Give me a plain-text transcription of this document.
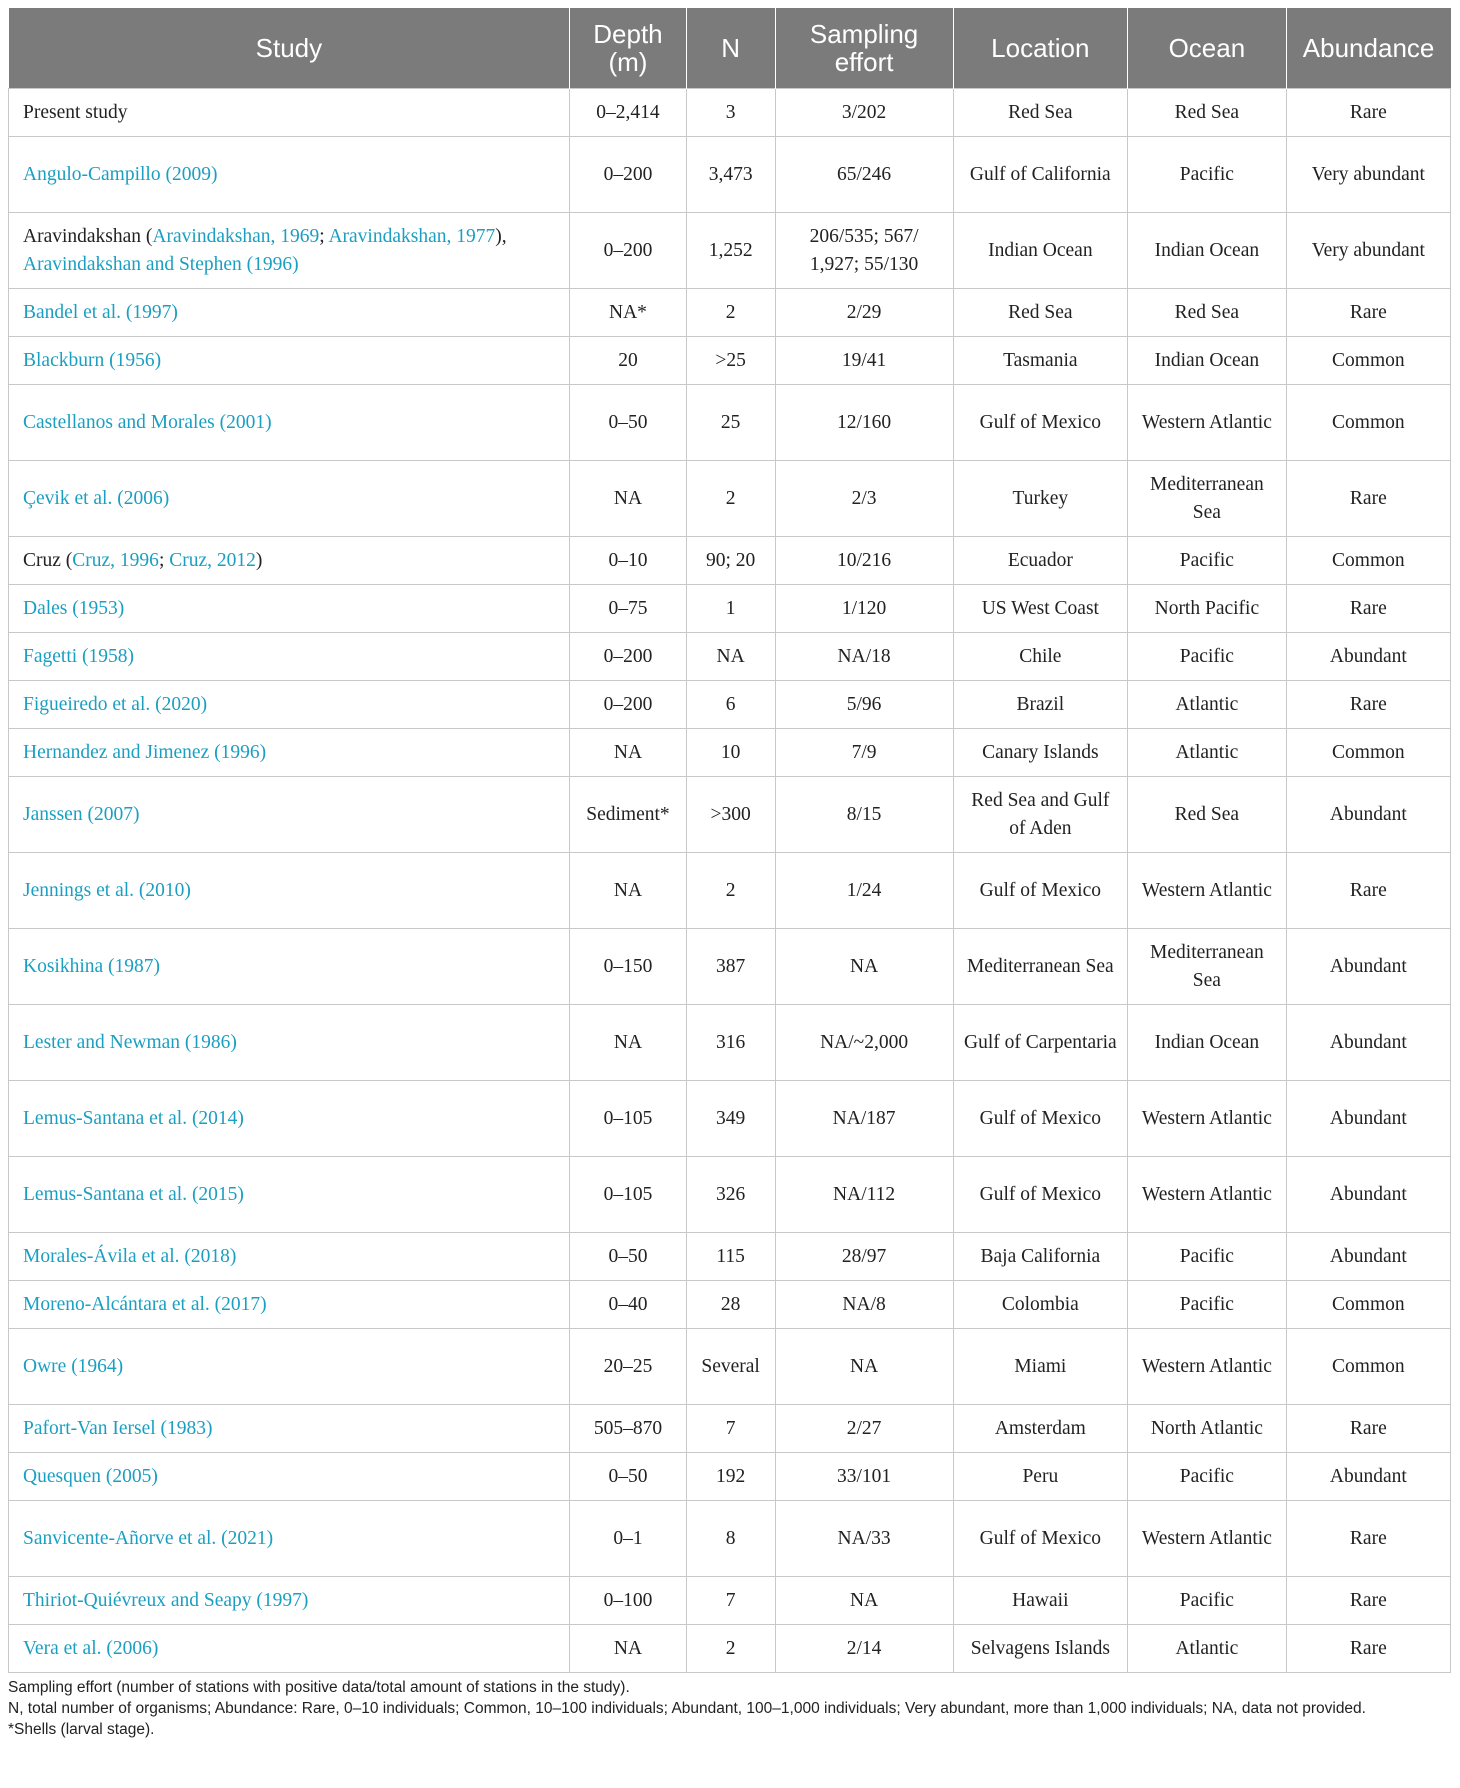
Study	Depth (m)	N	Sampling effort	Location	Ocean	Abundance
Present study	0–2,414	3	3/202	Red Sea	Red Sea	Rare
Angulo-Campillo (2009)	0–200	3,473	65/246	Gulf of California	Pacific	Very abundant
Aravindakshan (Aravindakshan, 1969; Aravindakshan, 1977), Aravindakshan and Stephen (1996)	0–200	1,252	206/535; 567/ 1,927; 55/130	Indian Ocean	Indian Ocean	Very abundant
Bandel et al. (1997)	NA*	2	2/29	Red Sea	Red Sea	Rare
Blackburn (1956)	20	>25	19/41	Tasmania	Indian Ocean	Common
Castellanos and Morales (2001)	0–50	25	12/160	Gulf of Mexico	Western Atlantic	Common
Çevik et al. (2006)	NA	2	2/3	Turkey	Mediterranean Sea	Rare
Cruz (Cruz, 1996; Cruz, 2012)	0–10	90; 20	10/216	Ecuador	Pacific	Common
Dales (1953)	0–75	1	1/120	US West Coast	North Pacific	Rare
Fagetti (1958)	0–200	NA	NA/18	Chile	Pacific	Abundant
Figueiredo et al. (2020)	0–200	6	5/96	Brazil	Atlantic	Rare
Hernandez and Jimenez (1996)	NA	10	7/9	Canary Islands	Atlantic	Common
Janssen (2007)	Sediment*	>300	8/15	Red Sea and Gulf of Aden	Red Sea	Abundant
Jennings et al. (2010)	NA	2	1/24	Gulf of Mexico	Western Atlantic	Rare
Kosikhina (1987)	0–150	387	NA	Mediterranean Sea	Mediterranean Sea	Abundant
Lester and Newman (1986)	NA	316	NA/~2,000	Gulf of Carpentaria	Indian Ocean	Abundant
Lemus-Santana et al. (2014)	0–105	349	NA/187	Gulf of Mexico	Western Atlantic	Abundant
Lemus-Santana et al. (2015)	0–105	326	NA/112	Gulf of Mexico	Western Atlantic	Abundant
Morales-Ávila et al. (2018)	0–50	115	28/97	Baja California	Pacific	Abundant
Moreno-Alcántara et al. (2017)	0–40	28	NA/8	Colombia	Pacific	Common
Owre (1964)	20–25	Several	NA	Miami	Western Atlantic	Common
Pafort-Van Iersel (1983)	505–870	7	2/27	Amsterdam	North Atlantic	Rare
Quesquen (2005)	0–50	192	33/101	Peru	Pacific	Abundant
Sanvicente-Añorve et al. (2021)	0–1	8	NA/33	Gulf of Mexico	Western Atlantic	Rare
Thiriot-Quiévreux and Seapy (1997)	0–100	7	NA	Hawaii	Pacific	Rare
Vera et al. (2006)	NA	2	2/14	Selvagens Islands	Atlantic	Rare

Sampling effort (number of stations with positive data/total amount of stations in the study).

N, total number of organisms; Abundance: Rare, 0–10 individuals; Common, 10–100 individuals; Abundant, 100–1,000 individuals; Very abundant, more than 1,000 individuals; NA, data not provided.

*Shells (larval stage).
